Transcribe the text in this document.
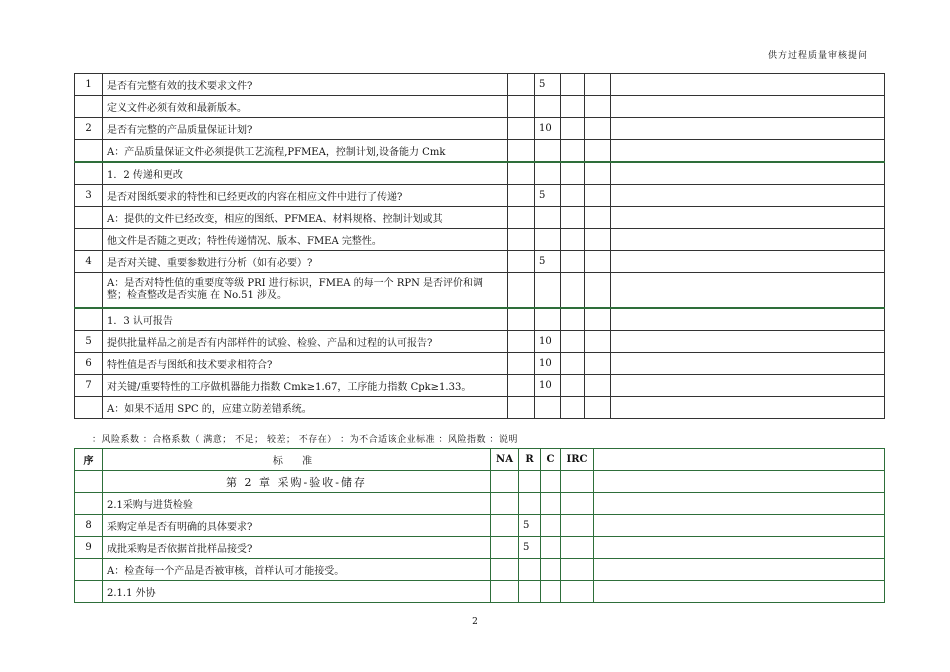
供方过程质量审核提问
1	是否有完整有效的技术要求文件?		5			
	定义文件必须有效和最新版本。					
2	是否有完整的产品质量保证计划?		10			
	A：产品质量保证文件必须提供工艺流程,PFMEA，控制计划,设备能力 Cmk					
	1．2 传递和更改					
3	是否对图纸要求的特性和已经更改的内容在相应文件中进行了传递?		5			
	A：提供的文件已经改变，相应的图纸、PFMEA、材料规格、控制计划或其					
	他文件是否随之更改；特性传递情况、版本、FMEA 完整性。					
4	是否对关键、重要参数进行分析（如有必要）?		5			
	A：是否对特性值的重要度等级 PRI 进行标识，FMEA 的每一个 RPN 是否评价和调整；检查整改是否实施 在 No.51 涉及。					
	1．3 认可报告					
5	提供批量样品之前是否有内部样件的试验、检验、产品和过程的认可报告?		10			
6	特性值是否与图纸和技术要求相符合?		10			
7	对关键/重要特性的工序做机器能力指数 Cmk≥1.67，工序能力指数 Cpk≥1.33。		10			
	A：如果不适用 SPC 的，应建立防差错系统。					
：风险系数 ：合格系数（ 满意； 不足； 较差； 不存在） ：为不合适该企业标准 ：风险指数 ：说明
序	标 准	NA	R	C	IRC	
	第 2 章 采购-验收-储存					
	2.1采购与进货检验					
8	采购定单是否有明确的具体要求?		5			
9	成批采购是否依据首批样品接受?		5			
	A：检查每一个产品是否被审核，首样认可才能接受。					
	2.1.1 外协					
2
